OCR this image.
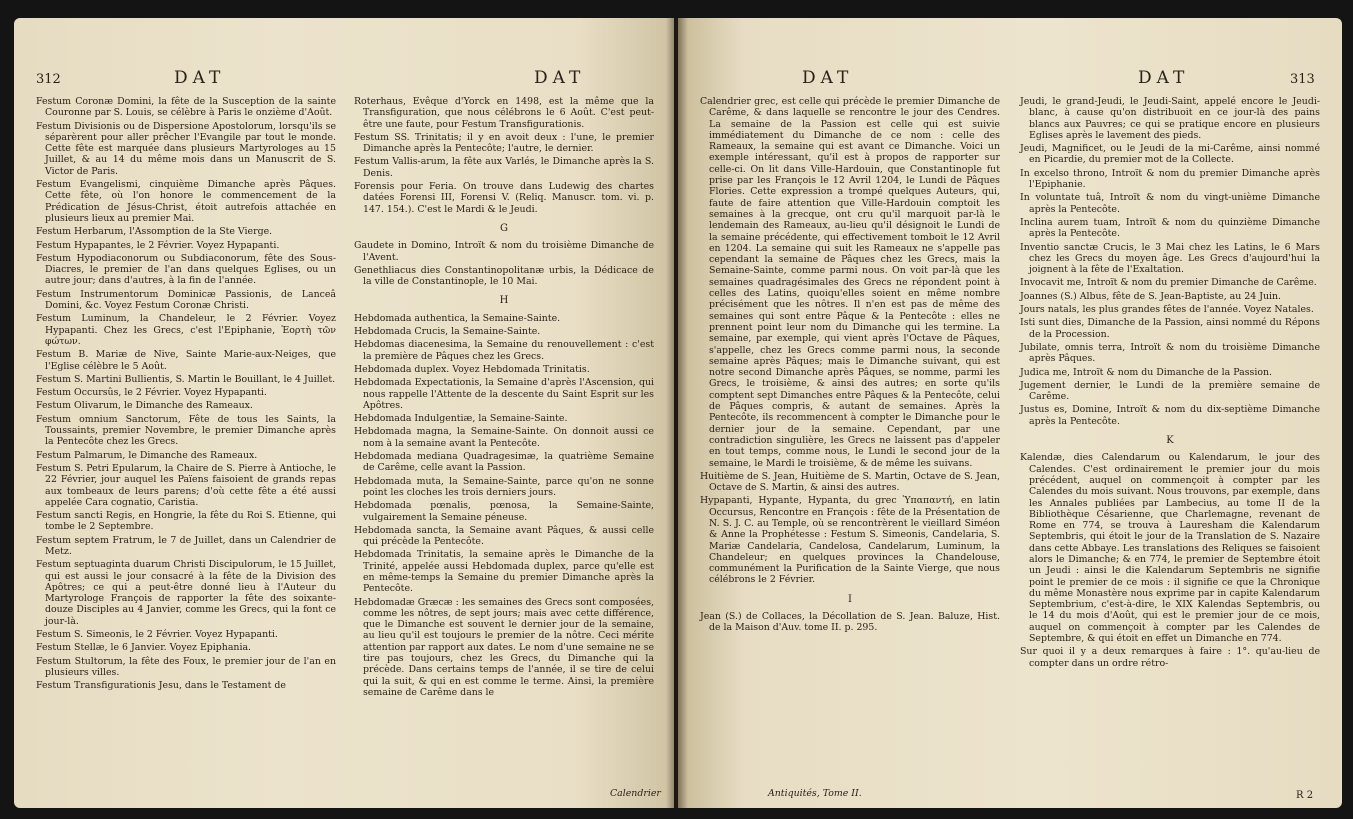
312	DAT	DAT

Festum Coronæ Domini, la fête de la Susception de la sainte Couronne par S. Louis, se célèbre à Paris le onzième d'Août.

Festum Divisionis ou de Dispersione Apostolorum, lorsqu'ils se séparèrent pour aller prêcher l'Evangile par tout le monde. Cette fête est marquée dans plusieurs Martyrologes au 15 Juillet, & au 14 du même mois dans un Manuscrit de S. Victor de Paris.

Festum Evangelismi, cinquième Dimanche après Pâques. Cette fête, où l'on honore le commencement de la Prédication de Jésus-Christ, étoit autrefois attachée en plusieurs lieux au premier Mai.

Festum Herbarum, l'Assomption de la Ste Vierge.

Festum Hypapantes, le 2 Février. Voyez Hypapanti.

Festum Hypodiaconorum ou Subdiaconorum, fête des Sous-Diacres, le premier de l'an dans quelques Eglises, ou un autre jour; dans d'autres, à la fin de l'année.

Festum Instrumentorum Dominicæ Passionis, de Lanceâ Domini, &c. Voyez Festum Coronæ Christi.

Festum Luminum, la Chandeleur, le 2 Février. Voyez Hypapanti. Chez les Grecs, c'est l'Epiphanie, Ἑορτὴ τῶν φώτων.

Festum B. Mariæ de Nive, Sainte Marie-aux-Neiges, que l'Eglise célèbre le 5 Août.

Festum S. Martini Bullientis, S. Martin le Bouillant, le 4 Juillet.

Festum Occursûs, le 2 Février. Voyez Hypapanti.

Festum Olivarum, le Dimanche des Rameaux.

Festum omnium Sanctorum, Fête de tous les Saints, la Toussaints, premier Novembre, le premier Dimanche après la Pentecôte chez les Grecs.

Festum Palmarum, le Dimanche des Rameaux.

Festum S. Petri Epularum, la Chaire de S. Pierre à Antioche, le 22 Février, jour auquel les Païens faisoient de grands repas aux tombeaux de leurs parens; d'où cette fête a été aussi appelée Cara cognatio, Caristia.

Festum sancti Regis, en Hongrie, la fête du Roi S. Etienne, qui tombe le 2 Septembre.

Festum septem Fratrum, le 7 de Juillet, dans un Calendrier de Metz.

Festum septuaginta duarum Christi Discipulorum, le 15 Juillet, qui est aussi le jour consacré à la fête de la Division des Apôtres; ce qui a peut-être donné lieu à l'Auteur du Martyrologe François de rapporter la fête des soixante-douze Disciples au 4 Janvier, comme les Grecs, qui la font ce jour-là.

Festum S. Simeonis, le 2 Février. Voyez Hypapanti.

Festum Stellæ, le 6 Janvier. Voyez Epiphania.

Festum Stultorum, la fête des Foux, le premier jour de l'an en plusieurs villes.

Festum Transfigurationis Jesu, dans le Testament de

Roterhaus, Evêque d'Yorck en 1498, est la même que la Transfiguration, que nous célébrons le 6 Août. C'est peut-être une faute, pour Festum Transfigurationis.

Festum SS. Trinitatis; il y en avoit deux : l'une, le premier Dimanche après la Pentecôte; l'autre, le dernier.

Festum Vallis-arum, la fête aux Varlés, le Dimanche après la S. Denis.

Forensis pour Feria. On trouve dans Ludewig des chartes datées Forensi III, Forensi V. (Reliq. Manuscr. tom. vi. p. 147. 154.). C'est le Mardi & le Jeudi.

G

Gaudete in Domino, Introït & nom du troisième Dimanche de l'Avent.

Genethliacus dies Constantinopolitanæ urbis, la Dédicace de la ville de Constantinople, le 10 Mai.

H

Hebdomada authentica, la Semaine-Sainte.

Hebdomada Crucis, la Semaine-Sainte.

Hebdomas diacenesima, la Semaine du renouvellement : c'est la première de Pâques chez les Grecs.

Hebdomada duplex. Voyez Hebdomada Trinitatis.

Hebdomada Expectationis, la Semaine d'après l'Ascension, qui nous rappelle l'Attente de la descente du Saint Esprit sur les Apôtres.

Hebdomada Indulgentiæ, la Semaine-Sainte.

Hebdomada magna, la Semaine-Sainte. On donnoit aussi ce nom à la semaine avant la Pentecôte.

Hebdomada mediana Quadragesimæ, la quatrième Semaine de Carême, celle avant la Passion.

Hebdomada muta, la Semaine-Sainte, parce qu'on ne sonne point les cloches les trois derniers jours.

Hebdomada pœnalis, pœnosa, la Semaine-Sainte, vulgairement la Semaine péneuse.

Hebdomada sancta, la Semaine avant Pâques, & aussi celle qui précède la Pentecôte.

Hebdomada Trinitatis, la semaine après le Dimanche de la Trinité, appelée aussi Hebdomada duplex, parce qu'elle est en même-temps la Semaine du premier Dimanche après la Pentecôte.

Hebdomadæ Græcæ : les semaines des Grecs sont composées, comme les nôtres, de sept jours; mais avec cette différence, que le Dimanche est souvent le dernier jour de la semaine, au lieu qu'il est toujours le premier de la nôtre. Ceci mérite attention par rapport aux dates. Le nom d'une semaine ne se tire pas toujours, chez les Grecs, du Dimanche qui la précède. Dans certains temps de l'année, il se tire de celui qui la suit, & qui en est comme le terme. Ainsi, la première semaine de Carême dans le

Calendrier
DAT	DAT	313

Calendrier grec, est celle qui précède le premier Dimanche de Carême, & dans laquelle se rencontre le jour des Cendres. La semaine de la Passion est celle qui est suivie immédiatement du Dimanche de ce nom : celle des Rameaux, la semaine qui est avant ce Dimanche. Voici un exemple intéressant, qu'il est à propos de rapporter sur celle-ci. On lit dans Ville-Hardouin, que Constantinople fut prise par les François le 12 Avril 1204, le Lundi de Pâques Flories. Cette expression a trompé quelques Auteurs, qui, faute de faire attention que Ville-Hardouin comptoit les semaines à la grecque, ont cru qu'il marquoit par-là le lendemain des Rameaux, au-lieu qu'il désignoit le Lundi de la semaine précédente, qui effectivement tomboit le 12 Avril en 1204. La semaine qui suit les Rameaux ne s'appelle pas cependant la semaine de Pâques chez les Grecs, mais la Semaine-Sainte, comme parmi nous. On voit par-là que les semaines quadragésimales des Grecs ne répondent point à celles des Latins, quoiqu'elles soient en même nombre précisément que les nôtres. Il n'en est pas de même des semaines qui sont entre Pâque & la Pentecôte : elles ne prennent point leur nom du Dimanche qui les termine. La semaine, par exemple, qui vient après l'Octave de Pâques, s'appelle, chez les Grecs comme parmi nous, la seconde semaine après Pâques; mais le Dimanche suivant, qui est notre second Dimanche après Pâques, se nomme, parmi les Grecs, le troisième, & ainsi des autres; en sorte qu'ils comptent sept Dimanches entre Pâques & la Pentecôte, celui de Pâques compris, & autant de semaines. Après la Pentecôte, ils recommencent à compter le Dimanche pour le dernier jour de la semaine. Cependant, par une contradiction singulière, les Grecs ne laissent pas d'appeler en tout temps, comme nous, le Lundi le second jour de la semaine, le Mardi le troisième, & de même les suivans.

Huitième de S. Jean, Huitième de S. Martin, Octave de S. Jean, Octave de S. Martin, & ainsi des autres.

Hypapanti, Hypante, Hypanta, du grec Ὑπαπαντή, en latin Occursus, Rencontre en François : fête de la Présentation de N. S. J. C. au Temple, où se rencontrèrent le vieillard Siméon & Anne la Prophétesse : Festum S. Simeonis, Candelaria, S. Mariæ Candelaria, Candelosa, Candelarum, Luminum, la Chandeleur; en quelques provinces la Chandelouse, communément la Purification de la Sainte Vierge, que nous célébrons le 2 Février.

I

Jean (S.) de Collaces, la Décollation de S. Jean. Baluze, Hist. de la Maison d'Auv. tome II. p. 295.

Jeudi, le grand-Jeudi, le Jeudi-Saint, appelé encore le Jeudi-blanc, à cause qu'on distribuoit en ce jour-là des pains blancs aux Pauvres; ce qui se pratique encore en plusieurs Eglises après le lavement des pieds.

Jeudi, Magnificet, ou le Jeudi de la mi-Carême, ainsi nommé en Picardie, du premier mot de la Collecte.

In excelso throno, Introït & nom du premier Dimanche après l'Epiphanie.

In voluntate tuâ, Introït & nom du vingt-unième Dimanche après la Pentecôte.

Inclina aurem tuam, Introït & nom du quinzième Dimanche après la Pentecôte.

Inventio sanctæ Crucis, le 3 Mai chez les Latins, le 6 Mars chez les Grecs du moyen âge. Les Grecs d'aujourd'hui la joignent à la fête de l'Exaltation.

Invocavit me, Introït & nom du premier Dimanche de Carême.

Joannes (S.) Albus, fête de S. Jean-Baptiste, au 24 Juin.

Jours natals, les plus grandes fêtes de l'année. Voyez Natales.

Isti sunt dies, Dimanche de la Passion, ainsi nommé du Répons de la Procession.

Jubilate, omnis terra, Introït & nom du troisième Dimanche après Pâques.

Judica me, Introït & nom du Dimanche de la Passion.

Jugement dernier, le Lundi de la première semaine de Carême.

Justus es, Domine, Introït & nom du dix-septième Dimanche après la Pentecôte.

K

Kalendæ, dies Calendarum ou Kalendarum, le jour des Calendes. C'est ordinairement le premier jour du mois précédent, auquel on commençoit à compter par les Calendes du mois suivant. Nous trouvons, par exemple, dans les Annales publiées par Lambecius, au tome II de la Bibliothèque Césarienne, que Charlemagne, revenant de Rome en 774, se trouva à Lauresham die Kalendarum Septembris, qui étoit le jour de la Translation de S. Nazaire dans cette Abbaye. Les translations des Reliques se faisoient alors le Dimanche; & en 774, le premier de Septembre étoit un Jeudi : ainsi le die Kalendarum Septembris ne signifie point le premier de ce mois : il signifie ce que la Chronique du même Monastère nous exprime par in capite Kalendarum Septembrium, c'est-à-dire, le XIX Kalendas Septembris, ou le 14 du mois d'Août, qui est le premier jour de ce mois, auquel on commençoit à compter par les Calendes de Septembre, & qui étoit en effet un Dimanche en 774.

Sur quoi il y a deux remarques à faire : 1°. qu'au-lieu de compter dans un ordre rétro-

Antiquités, Tome II.	R 2
